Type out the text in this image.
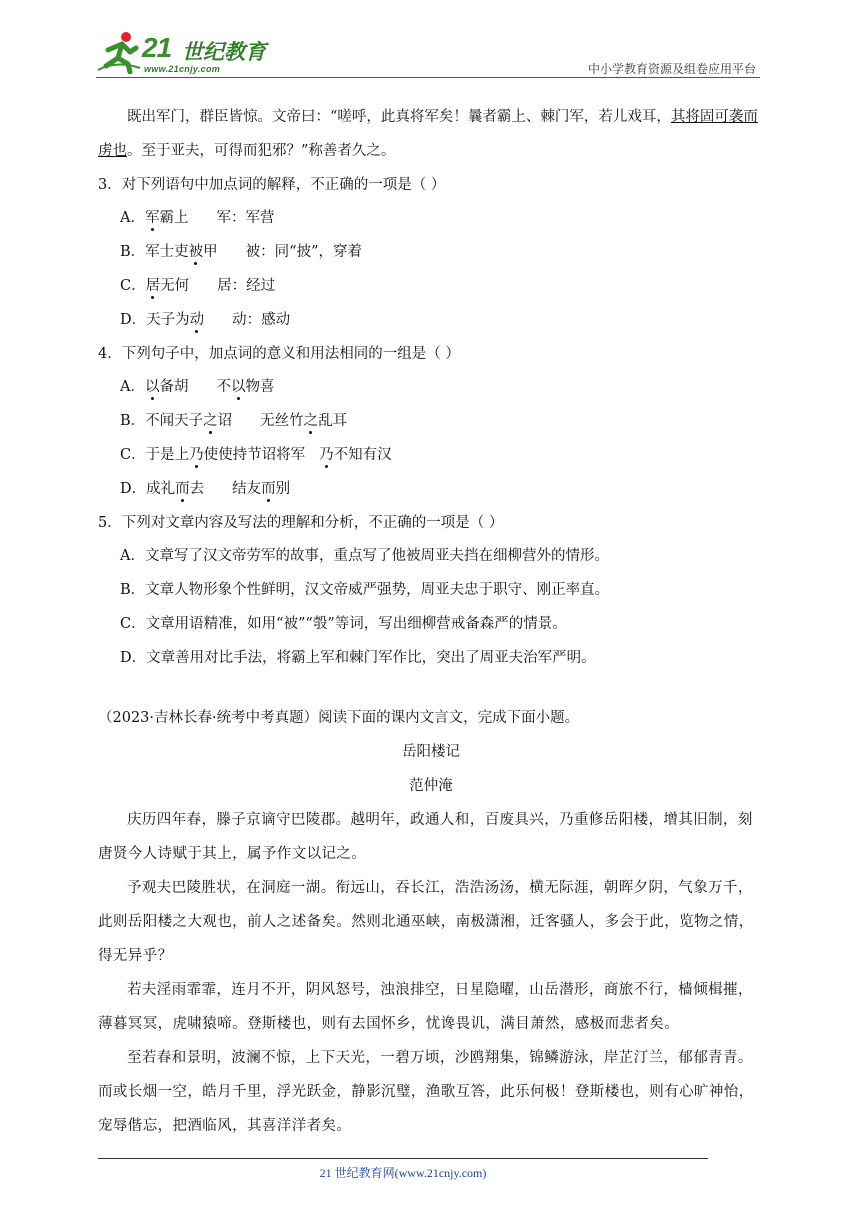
21 世纪教育
www.21cnjy.com	中小学教育资源及组卷应用平台

既出军门，群臣皆惊。文帝曰：“嗟呼，此真将军矣！曩者霸上、棘门军，若儿戏耳，其将固可袭而虏也。至于亚夫，可得而犯邪？”称善者久之。

3．对下列语句中加点词的解释，不正确的一项是（ ）

A．军霸上 军：军营

B．军士吏被甲 被：同“披”，穿着

C．居无何 居：经过

D．天子为动 动：感动

4．下列句子中，加点词的意义和用法相同的一组是（ ）

A．以备胡 不以物喜

B．不闻天子之诏 无丝竹之乱耳

C．于是上乃使使持节诏将军 乃不知有汉

D．成礼而去 结友而别

5．下列对文章内容及写法的理解和分析，不正确的一项是（ ）

A．文章写了汉文帝劳军的故事，重点写了他被周亚夫挡在细柳营外的情形。

B．文章人物形象个性鲜明，汉文帝威严强势，周亚夫忠于职守、刚正率直。

C．文章用语精准，如用“被”“彀”等词，写出细柳营戒备森严的情景。

D．文章善用对比手法，将霸上军和棘门军作比，突出了周亚夫治军严明。

（2023·吉林长春·统考中考真题）阅读下面的课内文言文，完成下面小题。

岳阳楼记

范仲淹

庆历四年春，滕子京谪守巴陵郡。越明年，政通人和，百废具兴，乃重修岳阳楼，增其旧制，刻唐贤今人诗赋于其上，属予作文以记之。

予观夫巴陵胜状，在洞庭一湖。衔远山，吞长江，浩浩汤汤，横无际涯，朝晖夕阴，气象万千，此则岳阳楼之大观也，前人之述备矣。然则北通巫峡，南极潇湘，迁客骚人，多会于此，览物之情，得无异乎？

若夫淫雨霏霏，连月不开，阴风怒号，浊浪排空，日星隐曜，山岳潜形，商旅不行，樯倾楫摧，薄暮冥冥，虎啸猿啼。登斯楼也，则有去国怀乡，忧谗畏讥，满目萧然，感极而悲者矣。

至若春和景明，波澜不惊，上下天光，一碧万顷，沙鸥翔集，锦鳞游泳，岸芷汀兰，郁郁青青。而或长烟一空，皓月千里，浮光跃金，静影沉璧，渔歌互答，此乐何极！登斯楼也，则有心旷神怡，宠辱偕忘，把酒临风，其喜洋洋者矣。

21 世纪教育网(www.21cnjy.com)
